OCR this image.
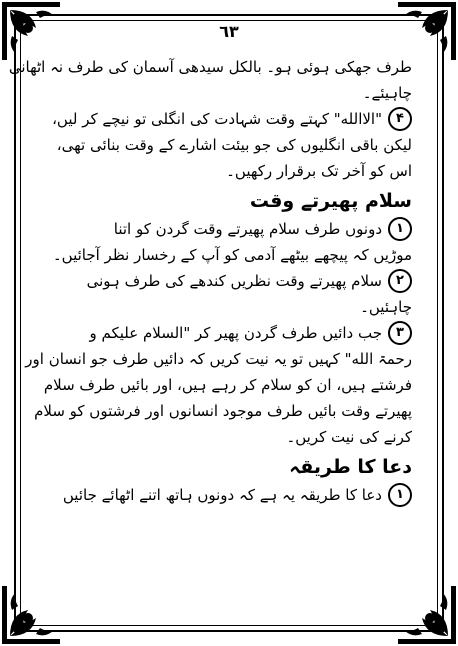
٦٣
طرف جھکی ہوئی ہو۔ بالکل سیدھی آسمان کی طرف نہ اٹھانی
چاہیئے۔
۴
"الاالله" کہتے وقت شہادت کی انگلی تو نیچے کر لیں،
لیکن باقی انگلیوں کی جو بیئت اشارے کے وقت بنائی تھی،
اس کو آخر تک برقرار رکھیں۔
سلام پھیرتے وقت
۱
دونوں طرف سلام پھیرتے وقت گردن کو اتنا
موڑیں کہ پیچھے بیٹھے آدمی کو آپ کے رخسار نظر آجائیں۔
۲
سلام پھیرتے وقت نظریں کندھے کی طرف ہونی
چاہئیں۔
۳
جب دائیں طرف گردن پھیر کر "السلام علیکم و
رحمۃ الله" کہیں تو یہ نیت کریں کہ دائیں طرف جو انسان اور
فرشتے ہیں، ان کو سلام کر رہے ہیں، اور بائیں طرف سلام
پھیرتے وقت بائیں طرف موجود انسانوں اور فرشتوں کو سلام
کرنے کی نیت کریں۔
دعا کا طریقہ
۱
دعا کا طریقہ یہ ہے کہ دونوں ہاتھ اتنے اٹھائے جائیں
